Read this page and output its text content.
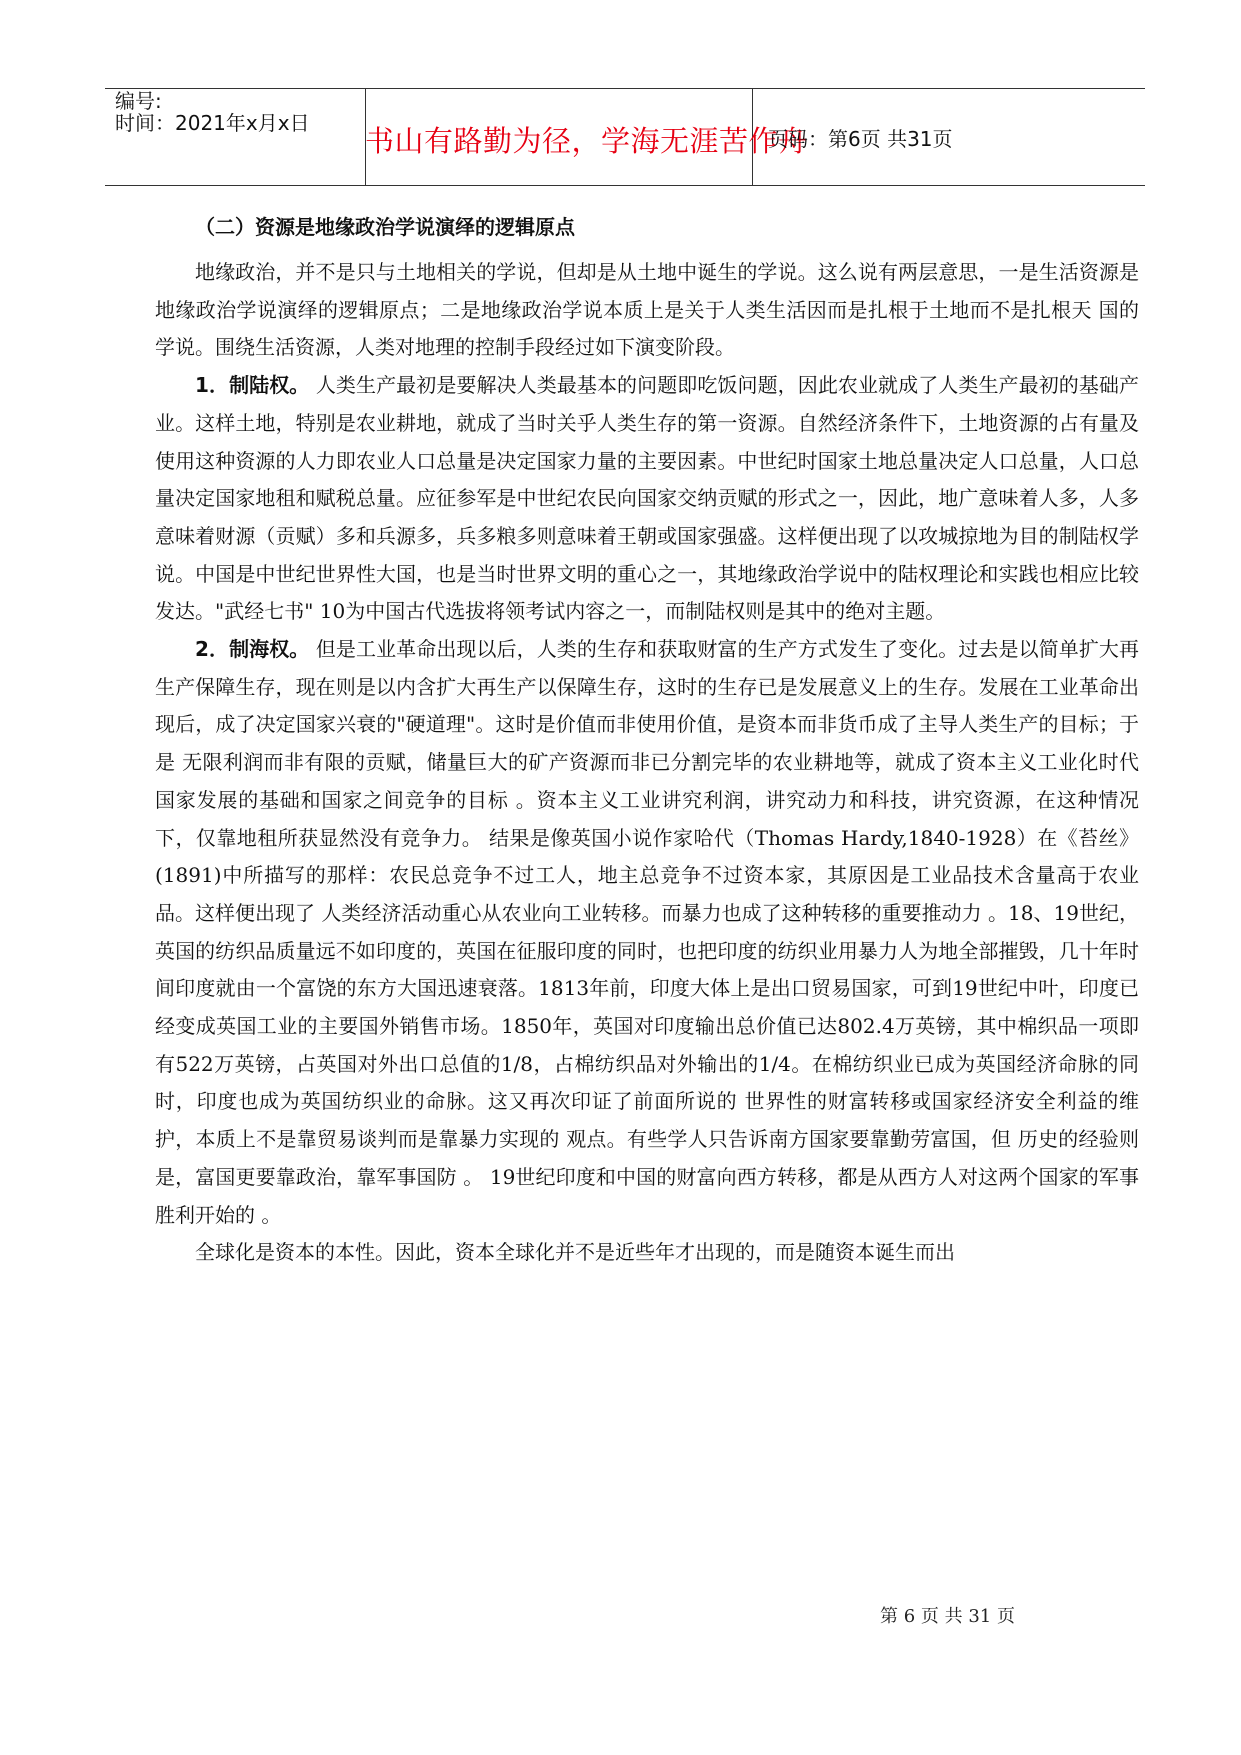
编号:
时间：2021年x月x日
书山有路勤为径，学海无涯苦作舟
页码：第6页 共31页
（二）资源是地缘政治学说演绎的逻辑原点

地缘政治，并不是只与土地相关的学说，但却是从土地中诞生的学说。这么说有两层意思，一是生活资源是地缘政治学说演绎的逻辑原点；二是地缘政治学说本质上是关于人类生活因而是扎根于土地而不是扎根天 国的学说。围绕生活资源，人类对地理的控制手段经过如下演变阶段。

1．制陆权。 人类生产最初是要解决人类最基本的问题即吃饭问题，因此农业就成了人类生产最初的基础产业。这样土地，特别是农业耕地，就成了当时关乎人类生存的第一资源。自然经济条件下，土地资源的占有量及使用这种资源的人力即农业人口总量是决定国家力量的主要因素。中世纪时国家土地总量决定人口总量，人口总量决定国家地租和赋税总量。应征参军是中世纪农民向国家交纳贡赋的形式之一，因此，地广意味着人多，人多意味着财源（贡赋）多和兵源多，兵多粮多则意味着王朝或国家强盛。这样便出现了以攻城掠地为目的制陆权学说。中国是中世纪世界性大国，也是当时世界文明的重心之一，其地缘政治学说中的陆权理论和实践也相应比较发达。"武经七书" 10为中国古代选拔将领考试内容之一，而制陆权则是其中的绝对主题。

2．制海权。 但是工业革命出现以后，人类的生存和获取财富的生产方式发生了变化。过去是以简单扩大再生产保障生存，现在则是以内含扩大再生产以保障生存，这时的生存已是发展意义上的生存。发展在工业革命出现后，成了决定国家兴衰的"硬道理"。这时是价值而非使用价值，是资本而非货币成了主导人类生产的目标；于是 无限利润而非有限的贡赋，储量巨大的矿产资源而非已分割完毕的农业耕地等，就成了资本主义工业化时代国家发展的基础和国家之间竞争的目标 。资本主义工业讲究利润，讲究动力和科技，讲究资源，在这种情况下，仅靠地租所获显然没有竞争力。 结果是像英国小说作家哈代（Thomas Hardy,1840-1928）在《苔丝》(1891)中所描写的那样：农民总竞争不过工人，地主总竞争不过资本家，其原因是工业品技术含量高于农业品。这样便出现了 人类经济活动重心从农业向工业转移。而暴力也成了这种转移的重要推动力 。18、19世纪，英国的纺织品质量远不如印度的，英国在征服印度的同时，也把印度的纺织业用暴力人为地全部摧毁，几十年时间印度就由一个富饶的东方大国迅速衰落。1813年前，印度大体上是出口贸易国家，可到19世纪中叶，印度已经变成英国工业的主要国外销售市场。1850年，英国对印度输出总价值已达802.4万英镑，其中棉织品一项即有522万英镑，占英国对外出口总值的1/8，占棉纺织品对外输出的1/4。在棉纺织业已成为英国经济命脉的同时，印度也成为英国纺织业的命脉。这又再次印证了前面所说的 世界性的财富转移或国家经济安全利益的维护，本质上不是靠贸易谈判而是靠暴力实现的 观点。有些学人只告诉南方国家要靠勤劳富国，但 历史的经验则是，富国更要靠政治，靠军事国防 。 19世纪印度和中国的财富向西方转移，都是从西方人对这两个国家的军事胜利开始的 。

全球化是资本的本性。因此，资本全球化并不是近些年才出现的，而是随资本诞生而出

第 6 页 共 31 页
